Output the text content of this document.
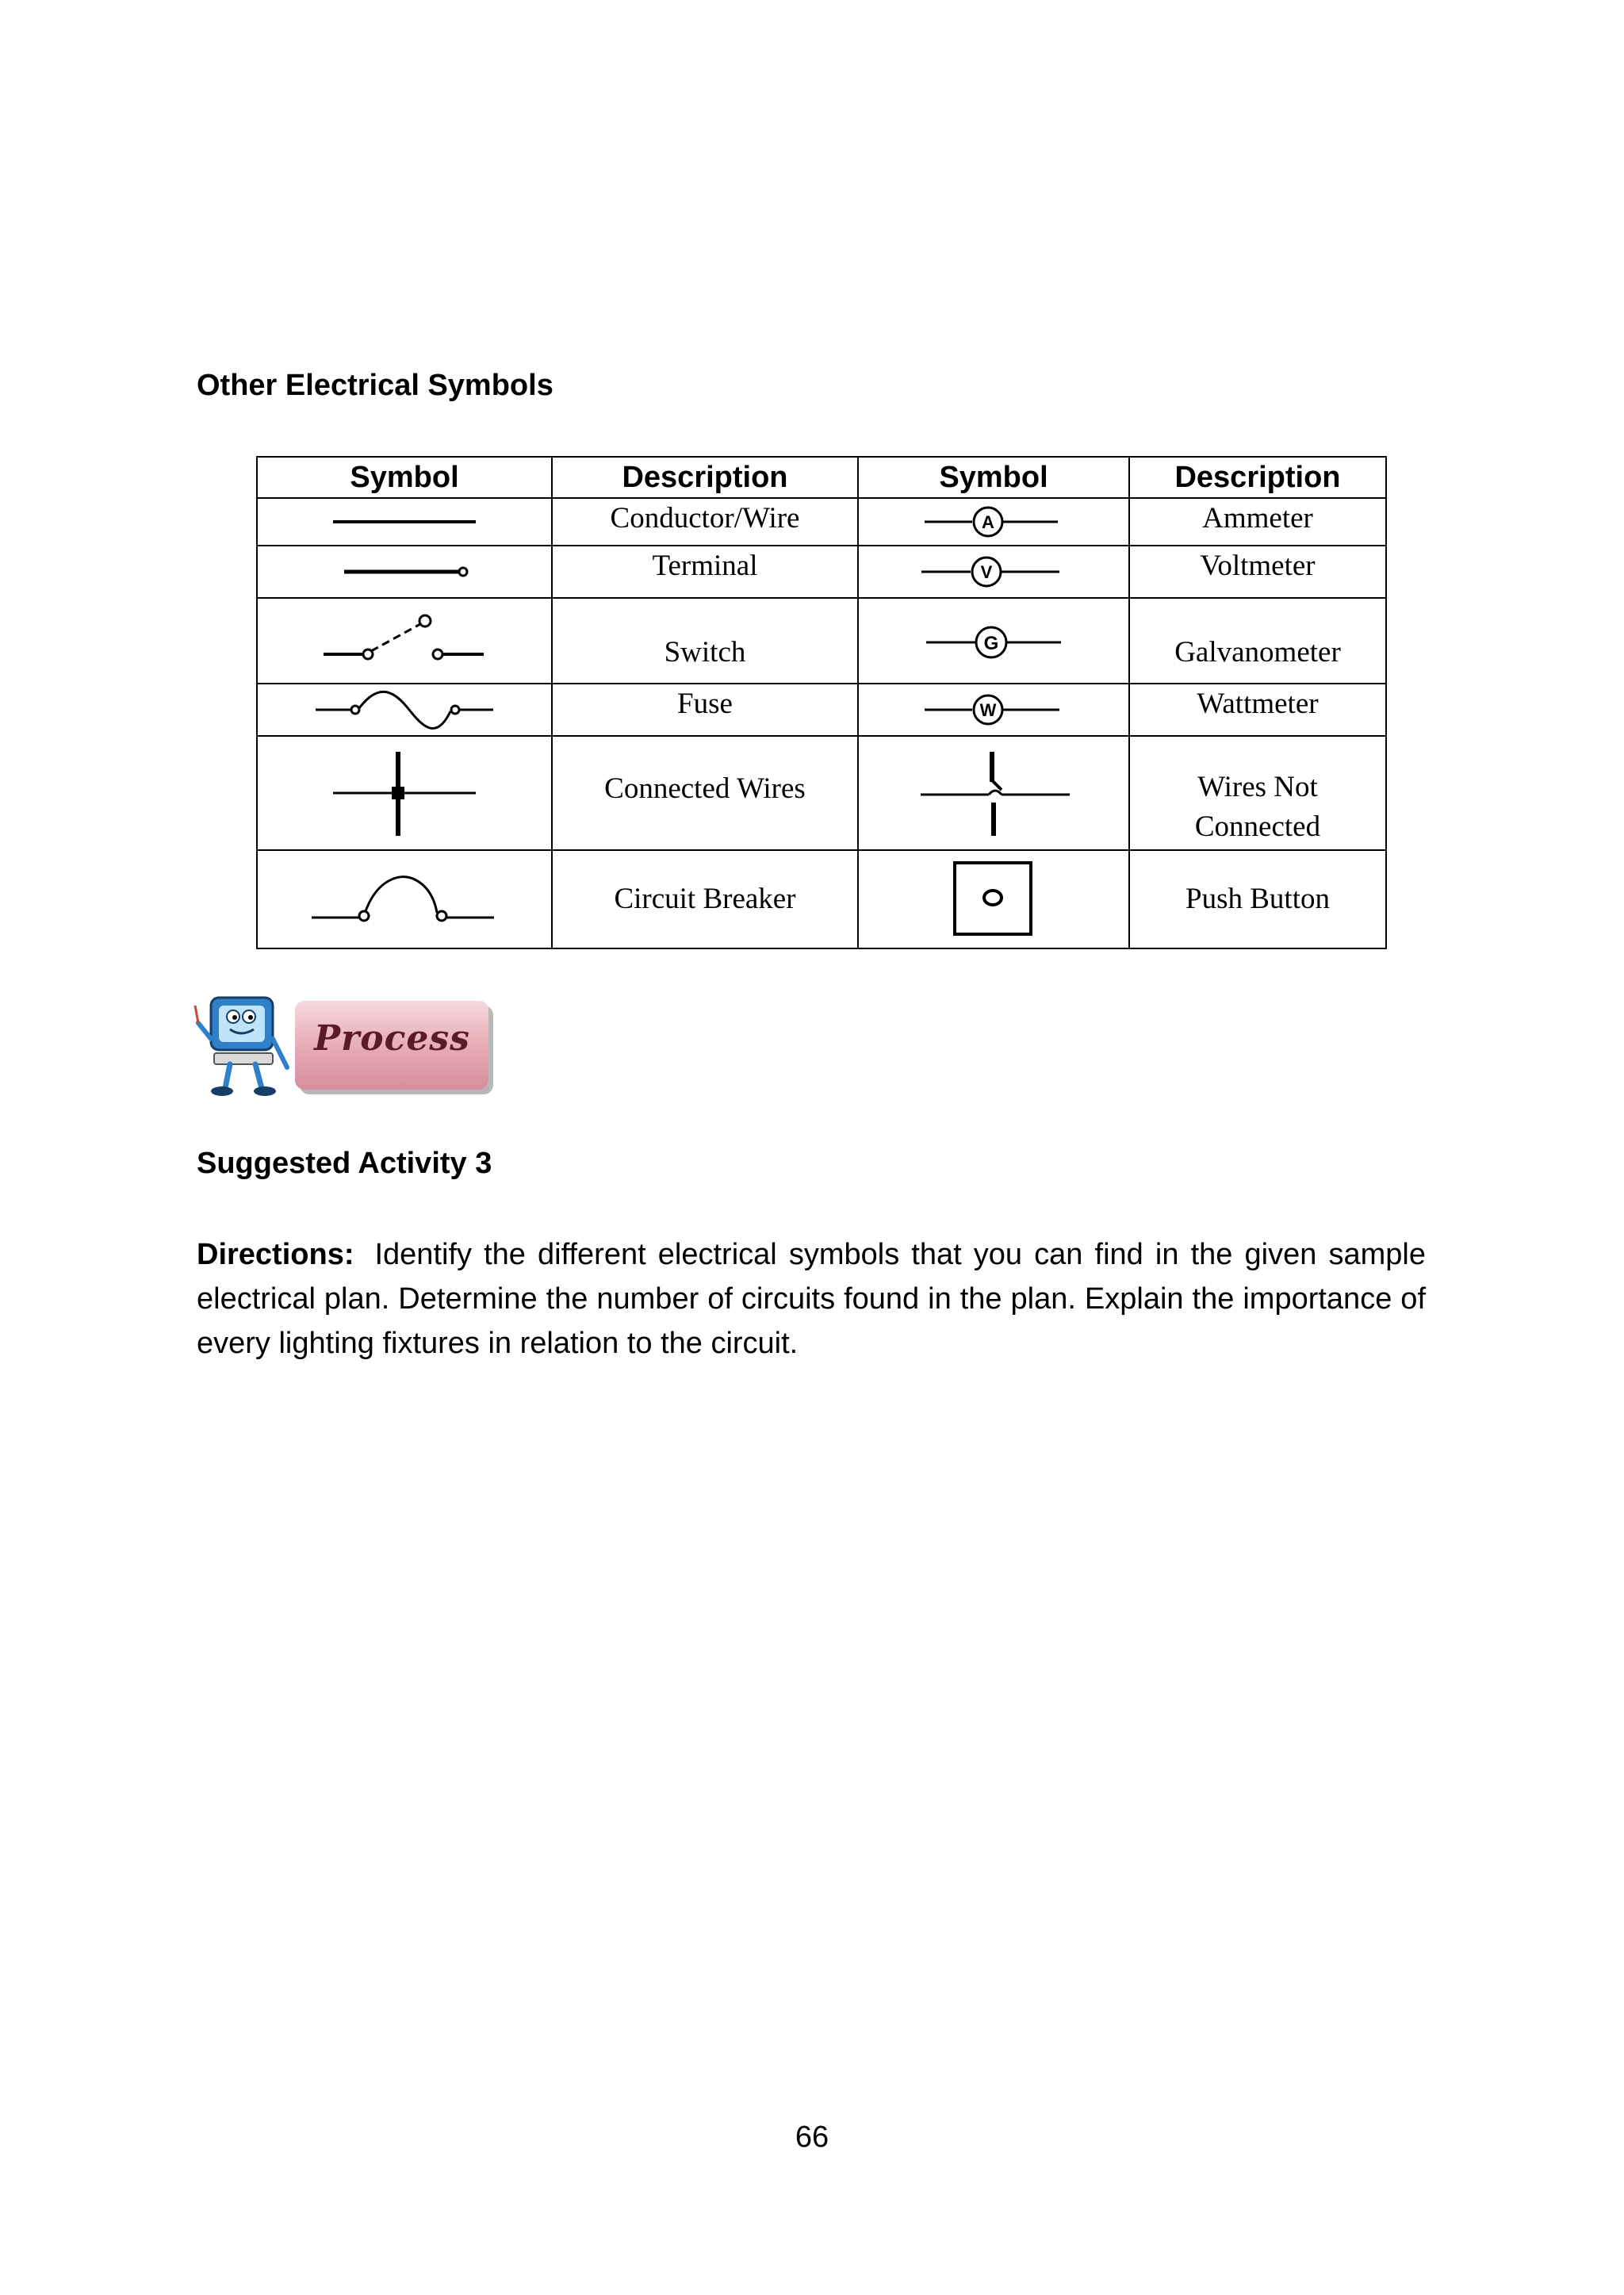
Other Electrical Symbols
Symbol	Description	Symbol	Description

	Conductor/Wire	A	Ammeter

	Terminal	V	Voltmeter

	Switch	G	Galvanometer

	Fuse	W	Wattmeter

	Connected Wires		Wires Not
Connected

	Circuit Breaker		Push Button
Process
Suggested Activity 3
Directions: Identify the different electrical symbols that you can find in the given sample electrical plan. Determine the number of circuits found in the plan. Explain the importance of every lighting fixtures in relation to the circuit.
66
